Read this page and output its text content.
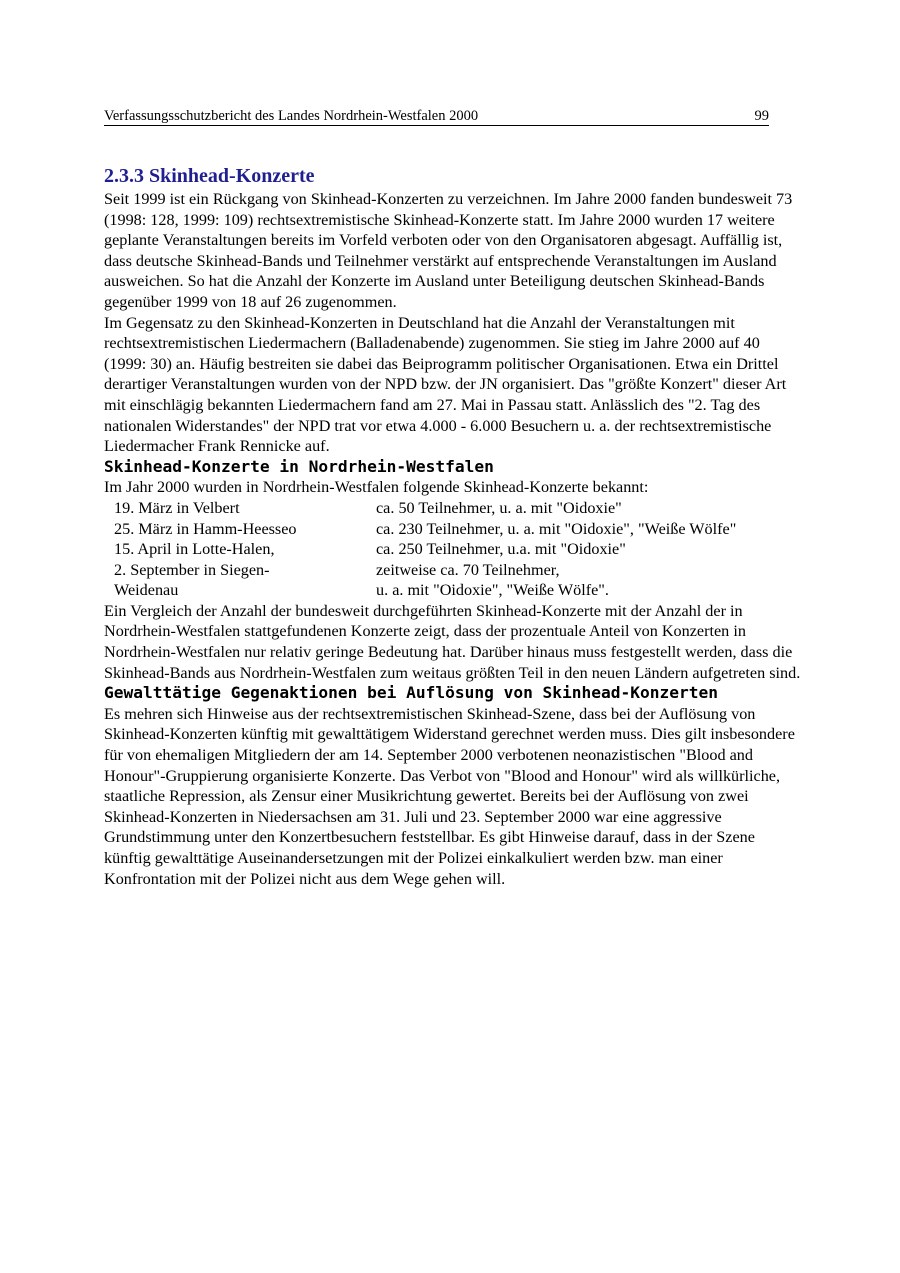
Verfassungsschutzbericht des Landes Nordrhein-Westfalen 2000	99
2.3.3 Skinhead-Konzerte

Seit 1999 ist ein Rückgang von Skinhead-Konzerten zu verzeichnen. Im Jahre 2000 fanden bundesweit 73 (1998: 128, 1999: 109) rechtsextremistische Skinhead-Konzerte statt. Im Jahre 2000 wurden 17 weitere geplante Veranstaltungen bereits im Vorfeld verboten oder von den Organisatoren abgesagt. Auffällig ist, dass deutsche Skinhead-Bands und Teilnehmer verstärkt auf entsprechende Veranstaltungen im Ausland ausweichen. So hat die Anzahl der Konzerte im Ausland unter Beteiligung deutschen Skinhead-Bands gegenüber 1999 von 18 auf 26 zugenommen.

Im Gegensatz zu den Skinhead-Konzerten in Deutschland hat die Anzahl der Veranstaltungen mit rechtsextremistischen Liedermachern (Balladenabende) zugenommen. Sie stieg im Jahre 2000 auf 40 (1999: 30) an. Häufig bestreiten sie dabei das Beiprogramm politischer Organisationen. Etwa ein Drittel derartiger Veranstaltungen wurden von der NPD bzw. der JN organisiert. Das "größte Konzert" dieser Art mit einschlägig bekannten Liedermachern fand am 27. Mai in Passau statt. Anlässlich des "2. Tag des nationalen Widerstandes" der NPD trat vor etwa 4.000 - 6.000 Besuchern u. a. der rechtsextremistische Liedermacher Frank Rennicke auf.

Skinhead-Konzerte in Nordrhein-Westfalen

Im Jahr 2000 wurden in Nordrhein-Westfalen folgende Skinhead-Konzerte bekannt:

19. März in Velbert	ca. 50 Teilnehmer, u. a. mit "Oidoxie"
25. März in Hamm-Heesseo	ca. 230 Teilnehmer, u. a. mit "Oidoxie", "Weiße Wölfe"
15. April in Lotte-Halen,	ca. 250 Teilnehmer, u.a. mit "Oidoxie"
2. September in Siegen-	zeitweise ca. 70 Teilnehmer,
Weidenau	u. a. mit "Oidoxie", "Weiße Wölfe".

Ein Vergleich der Anzahl der bundesweit durchgeführten Skinhead-Konzerte mit der Anzahl der in Nordrhein-Westfalen stattgefundenen Konzerte zeigt, dass der prozentuale Anteil von Konzerten in Nordrhein-Westfalen nur relativ geringe Bedeutung hat. Darüber hinaus muss festgestellt werden, dass die Skinhead-Bands aus Nordrhein-Westfalen zum weitaus größten Teil in den neuen Ländern aufgetreten sind.

Gewalttätige Gegenaktionen bei Auflösung von Skinhead-Konzerten

Es mehren sich Hinweise aus der rechtsextremistischen Skinhead-Szene, dass bei der Auflösung von Skinhead-Konzerten künftig mit gewalttätigem Widerstand gerechnet werden muss. Dies gilt insbesondere für von ehemaligen Mitgliedern der am 14. September 2000 verbotenen neonazistischen "Blood and Honour"-Gruppierung organisierte Konzerte. Das Verbot von "Blood and Honour" wird als willkürliche, staatliche Repression, als Zensur einer Musikrichtung gewertet. Bereits bei der Auflösung von zwei Skinhead-Konzerten in Niedersachsen am 31. Juli und 23. September 2000 war eine aggressive Grundstimmung unter den Konzertbesuchern feststellbar. Es gibt Hinweise darauf, dass in der Szene künftig gewalttätige Auseinandersetzungen mit der Polizei einkalkuliert werden bzw. man einer Konfrontation mit der Polizei nicht aus dem Wege gehen will.
